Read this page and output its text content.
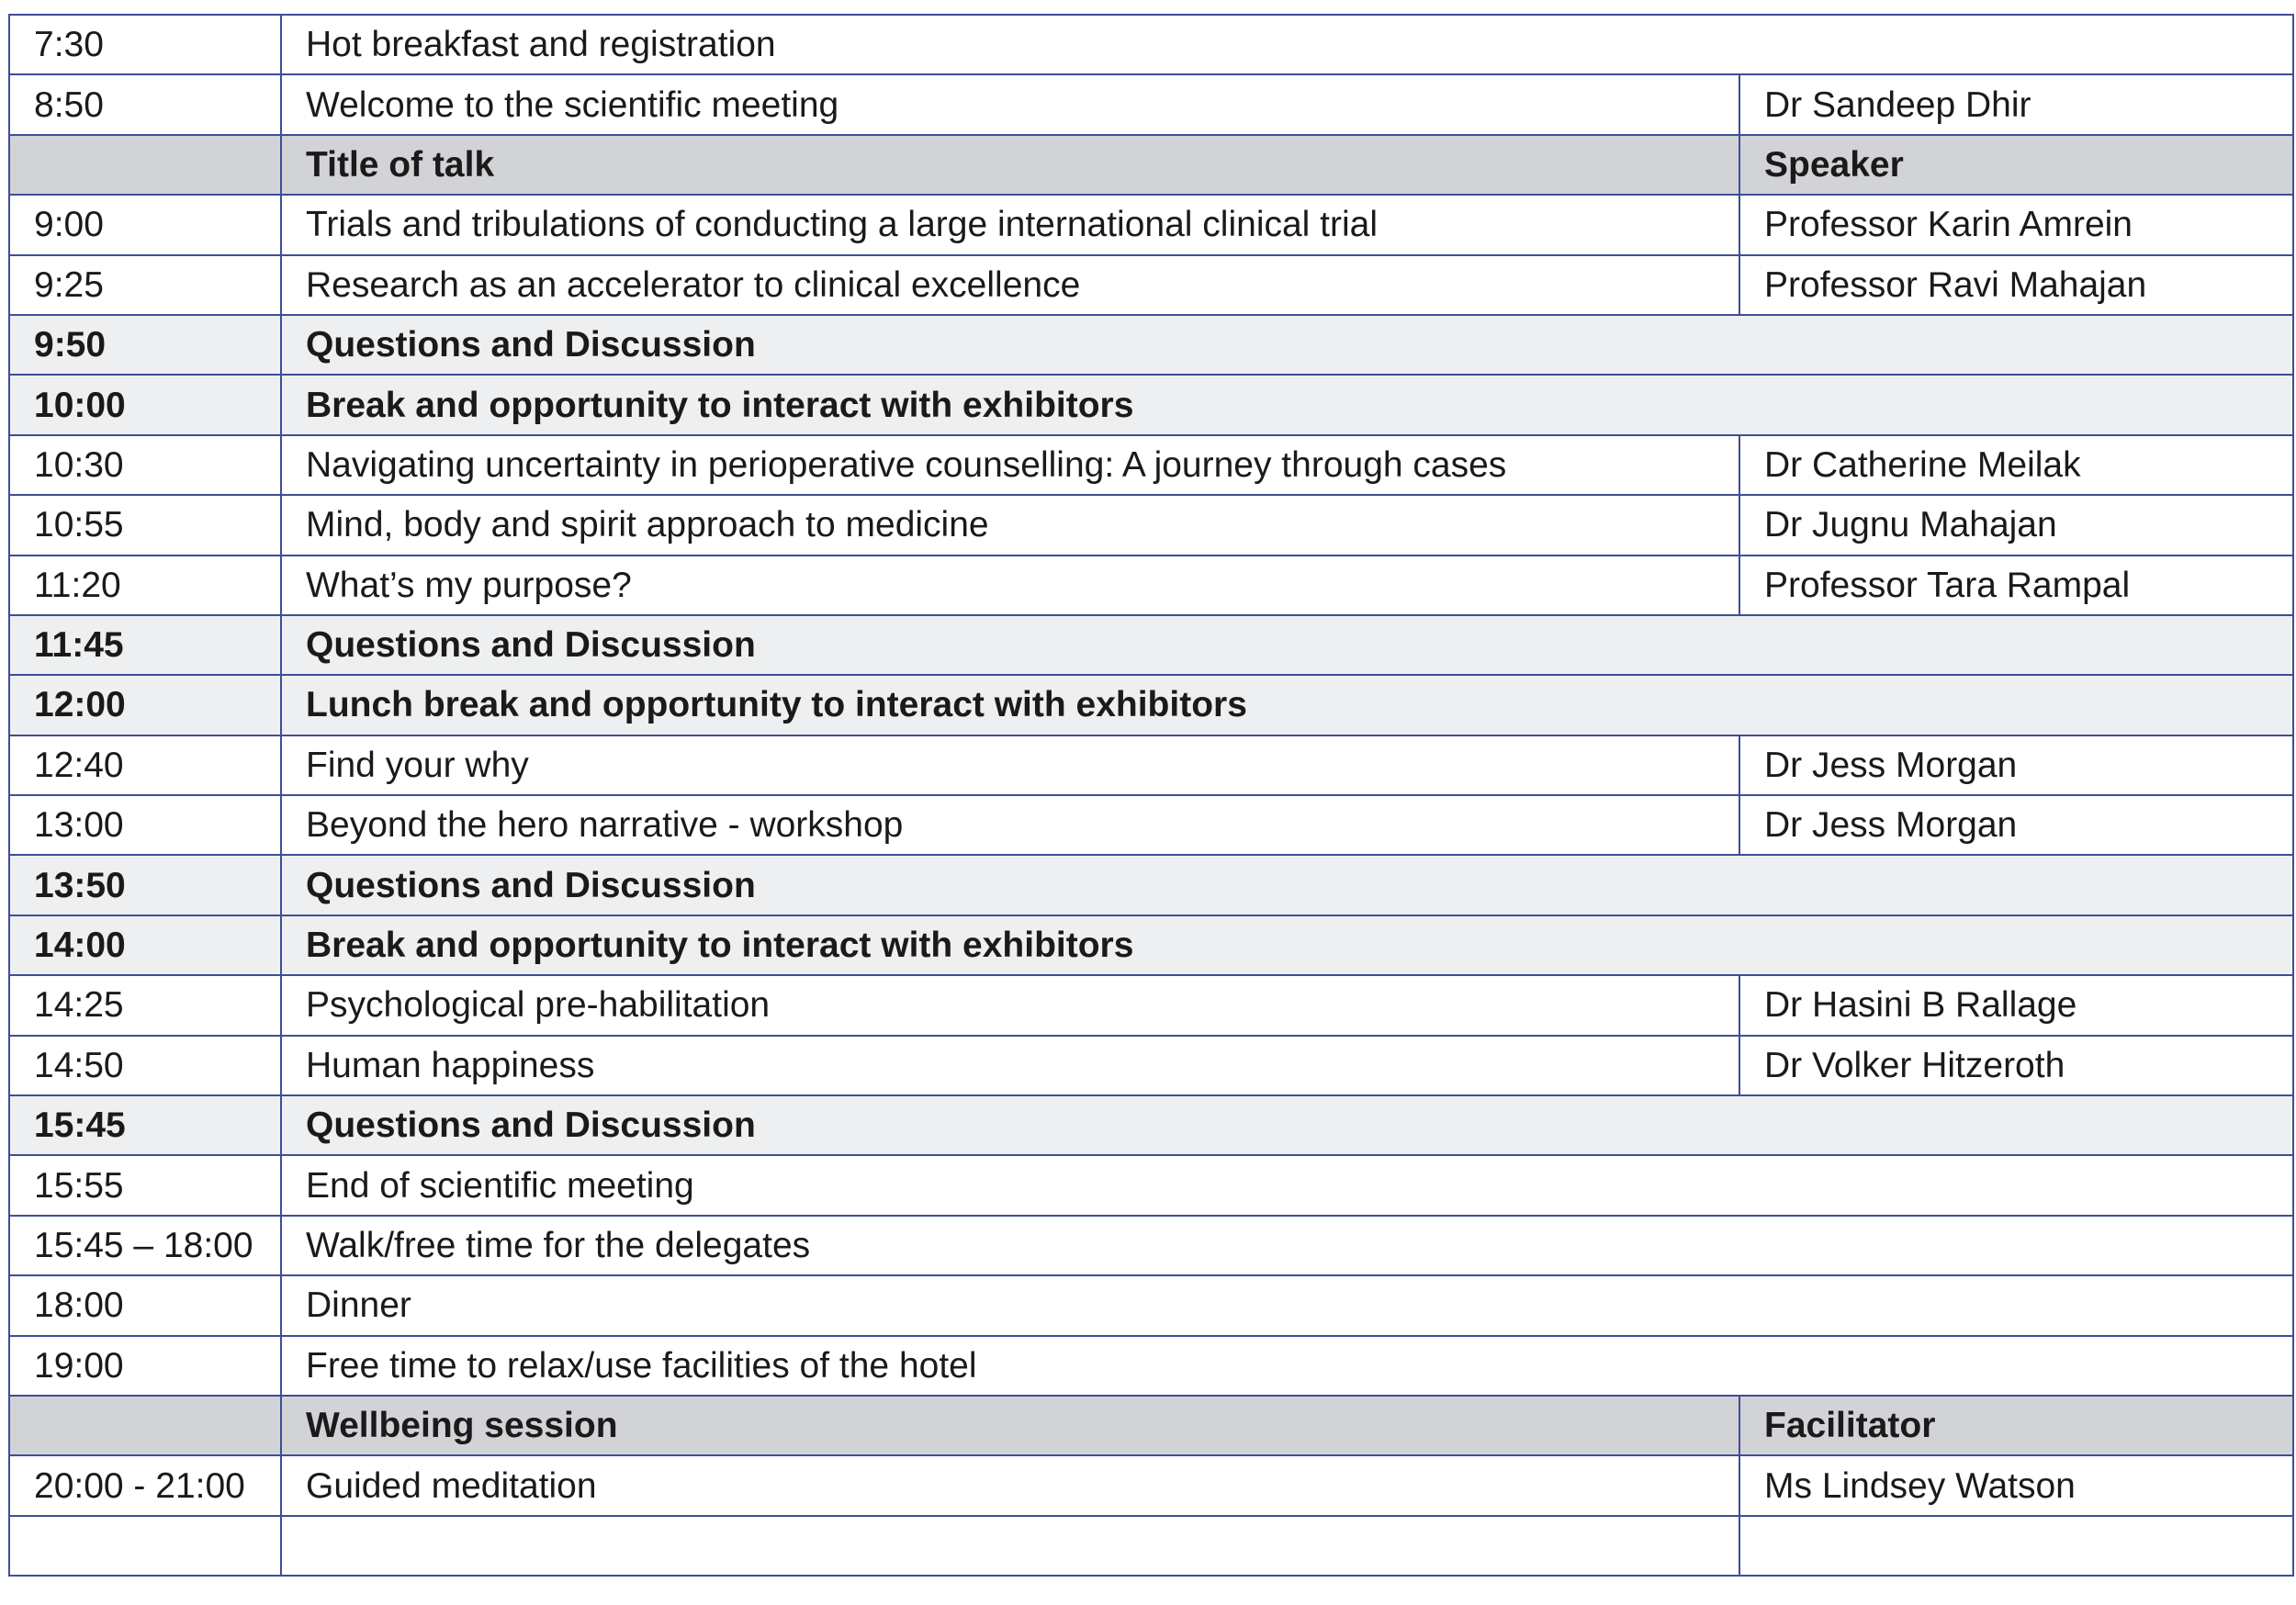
7:30	Hot breakfast and registration	
8:50	Welcome to the scientific meeting	Dr Sandeep Dhir
	Title of talk	Speaker
9:00	Trials and tribulations of conducting a large international clinical trial	Professor Karin Amrein
9:25	Research as an accelerator to clinical excellence	Professor Ravi Mahajan
9:50	Questions and Discussion	
10:00	Break and opportunity to interact with exhibitors	
10:30	Navigating uncertainty in perioperative counselling: A journey through cases	Dr Catherine Meilak
10:55	Mind, body and spirit approach to medicine	Dr Jugnu Mahajan
11:20	What’s my purpose?	Professor Tara Rampal
11:45	Questions and Discussion	
12:00	Lunch break and opportunity to interact with exhibitors	
12:40	Find your why	Dr Jess Morgan
13:00	Beyond the hero narrative - workshop	Dr Jess Morgan
13:50	Questions and Discussion	
14:00	Break and opportunity to interact with exhibitors	
14:25	Psychological pre-habilitation	Dr Hasini B Rallage
14:50	Human happiness	Dr Volker Hitzeroth
15:45	Questions and Discussion	
15:55	End of scientific meeting	
15:45 – 18:00	Walk/free time for the delegates	
18:00	Dinner	
19:00	Free time to relax/use facilities of the hotel	
	Wellbeing session	Facilitator
20:00 - 21:00	Guided meditation	Ms Lindsey Watson
